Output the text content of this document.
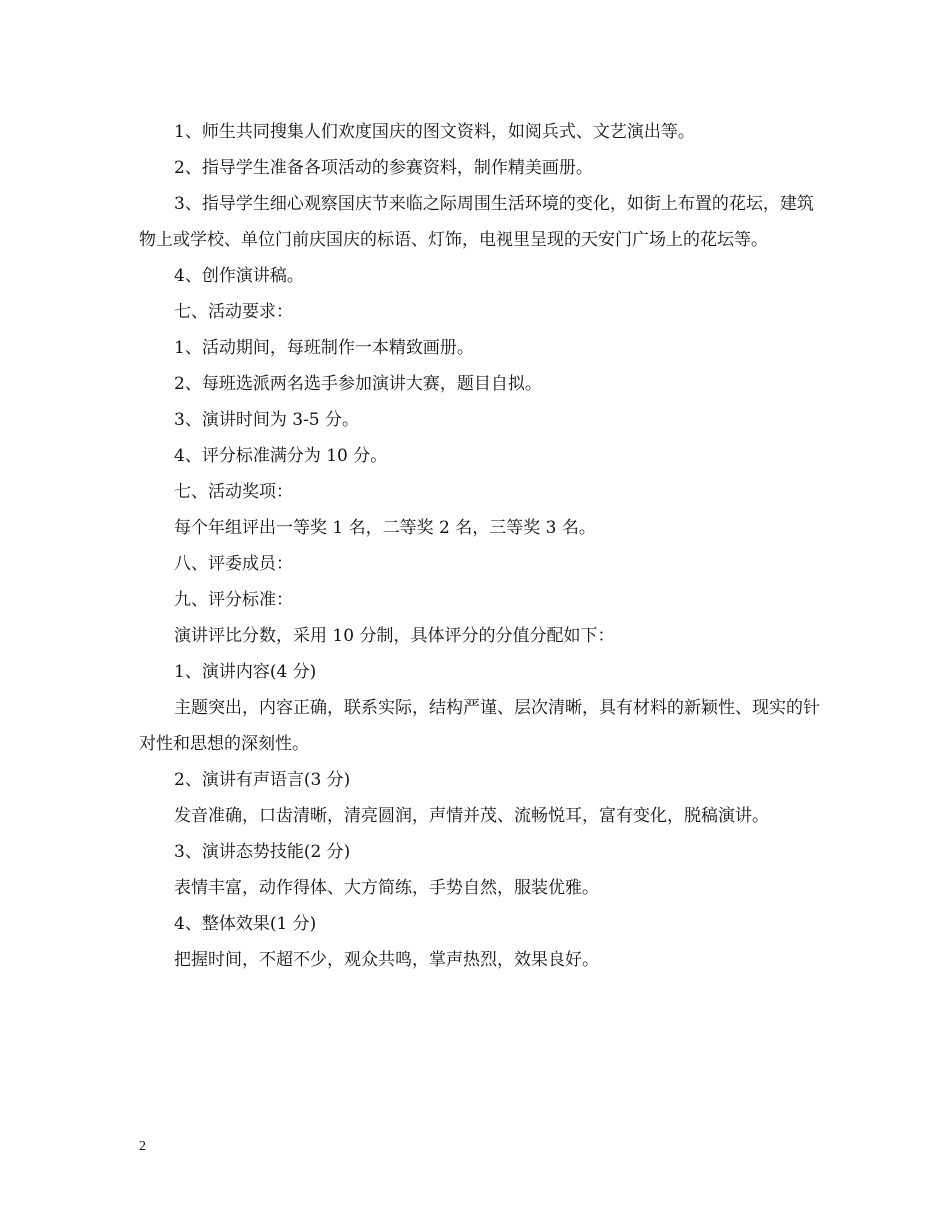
1、师生共同搜集人们欢度国庆的图文资料，如阅兵式、文艺演出等。

2、指导学生准备各项活动的参赛资料，制作精美画册。

3、指导学生细心观察国庆节来临之际周围生活环境的变化，如街上布置的花坛，建筑物上或学校、单位门前庆国庆的标语、灯饰，电视里呈现的天安门广场上的花坛等。

4、创作演讲稿。

七、活动要求：

1、活动期间，每班制作一本精致画册。

2、每班选派两名选手参加演讲大赛，题目自拟。

3、演讲时间为 3-5 分。

4、评分标准满分为 10 分。

七、活动奖项：

每个年组评出一等奖 1 名，二等奖 2 名，三等奖 3 名。

八、评委成员：

九、评分标准：

演讲评比分数，采用 10 分制，具体评分的分值分配如下：

1、演讲内容(4 分)

主题突出，内容正确，联系实际，结构严谨、层次清晰，具有材料的新颖性、现实的针对性和思想的深刻性。

2、演讲有声语言(3 分)

发音准确，口齿清晰，清亮圆润，声情并茂、流畅悦耳，富有变化，脱稿演讲。

3、演讲态势技能(2 分)

表情丰富，动作得体、大方简练，手势自然，服装优雅。

4、整体效果(1 分)

把握时间，不超不少，观众共鸣，掌声热烈，效果良好。

2
